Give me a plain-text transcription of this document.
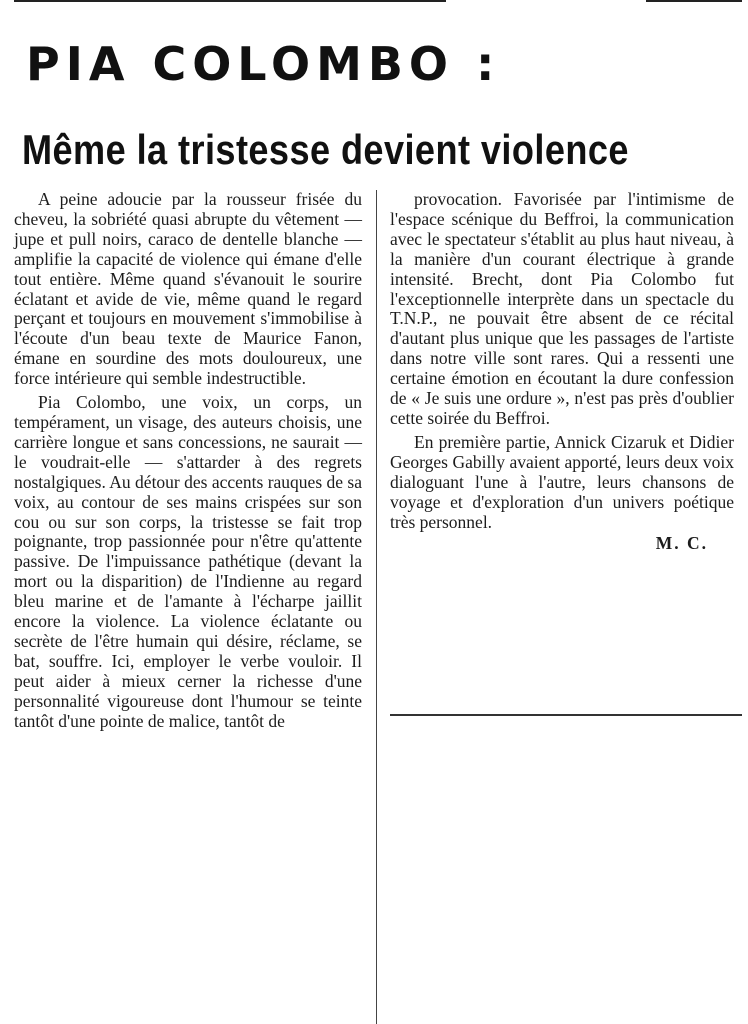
PIA COLOMBO :
Même la tristesse devient violence

A peine adoucie par la rousseur frisée du cheveu, la sobriété quasi abrupte du vêtement — jupe et pull noirs, caraco de dentelle blanche — amplifie la capacité de violence qui émane d'elle tout entière. Même quand s'évanouit le sourire éclatant et avide de vie, même quand le regard perçant et toujours en mouvement s'immobilise à l'écoute d'un beau texte de Maurice Fanon, émane en sourdine des mots douloureux, une force intérieure qui semble indestructible.

Pia Colombo, une voix, un corps, un tempérament, un visage, des auteurs choisis, une carrière longue et sans concessions, ne saurait — le voudrait-elle — s'attarder à des regrets nostalgiques. Au détour des accents rauques de sa voix, au contour de ses mains crispées sur son cou ou sur son corps, la tristesse se fait trop poignante, trop passionnée pour n'être qu'attente passive. De l'impuissance pathétique (devant la mort ou la disparition) de l'Indienne au regard bleu marine et de l'amante à l'écharpe jaillit encore la violence. La violence éclatante ou secrète de l'être humain qui désire, réclame, se bat, souffre. Ici, employer le verbe vouloir. Il peut aider à mieux cerner la richesse d'une personnalité vigoureuse dont l'humour se teinte tantôt d'une pointe de malice, tantôt de

provocation. Favorisée par l'intimisme de l'espace scénique du Beffroi, la communication avec le spectateur s'établit au plus haut niveau, à la manière d'un courant électrique à grande intensité. Brecht, dont Pia Colombo fut l'exceptionnelle interprète dans un spectacle du T.N.P., ne pouvait être absent de ce récital d'autant plus unique que les passages de l'artiste dans notre ville sont rares. Qui a ressenti une certaine émotion en écoutant la dure confession de « Je suis une ordure », n'est pas près d'oublier cette soirée du Beffroi.

En première partie, Annick Cizaruk et Didier Georges Gabilly avaient apporté, leurs deux voix dialoguant l'une à l'autre, leurs chansons de voyage et d'exploration d'un univers poétique très personnel.

M. C.
